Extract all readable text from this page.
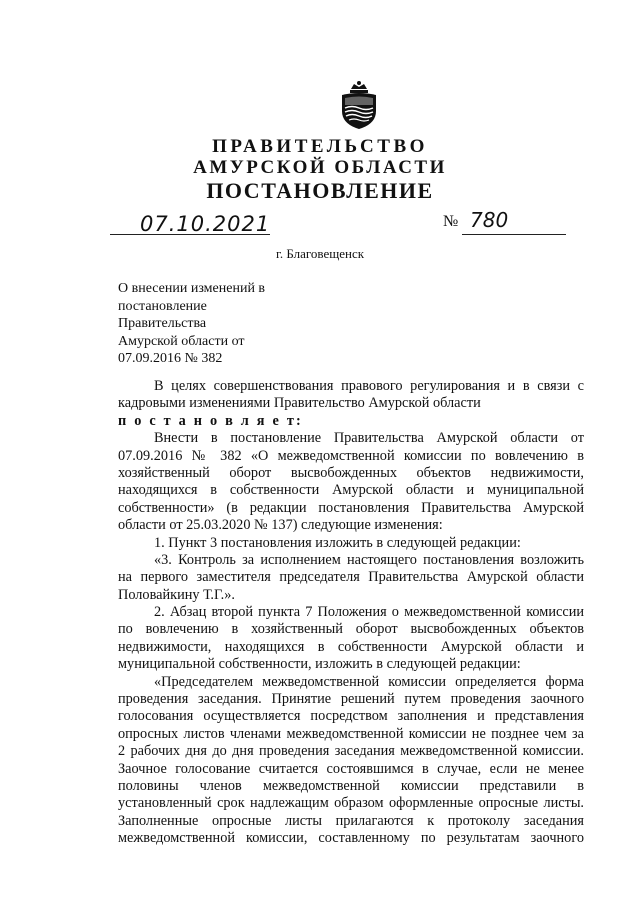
ПРАВИТЕЛЬСТВО
АМУРСКОЙ ОБЛАСТИ
ПОСТАНОВЛЕНИЕ
07.10.2021	№ 780
г. Благовещенск
О внесении изменений в
постановление
Правительства
Амурской области от
07.09.2016 № 382
В целях совершенствования правового регулирования и в связи с
кадровыми изменениями Правительство Амурской области
п о с т а н о в л я е т:
Внести в постановление Правительства Амурской области от
07.09.2016 № 382 «О межведомственной комиссии по вовлечению в
хозяйственный оборот высвобожденных объектов недвижимости,
находящихся в собственности Амурской области и муниципальной
собственности» (в редакции постановления Правительства Амурской
области от 25.03.2020 № 137) следующие изменения:
1. Пункт 3 постановления изложить в следующей редакции:
«3. Контроль за исполнением настоящего постановления возложить
на первого заместителя председателя Правительства Амурской области
Половайкину Т.Г.».
2. Абзац второй пункта 7 Положения о межведомственной комиссии
по вовлечению в хозяйственный оборот высвобожденных объектов
недвижимости, находящихся в собственности Амурской области и
муниципальной собственности, изложить в следующей редакции:
«Председателем межведомственной комиссии определяется форма
проведения заседания. Принятие решений путем проведения заочного
голосования осуществляется посредством заполнения и представления
опросных листов членами межведомственной комиссии не позднее чем за
2 рабочих дня до дня проведения заседания межведомственной комиссии.
Заочное голосование считается состоявшимся в случае, если не менее
половины членов межведомственной комиссии представили в
установленный срок надлежащим образом оформленные опросные листы.
Заполненные опросные листы прилагаются к протоколу заседания
межведомственной комиссии, составленному по результатам заочного
